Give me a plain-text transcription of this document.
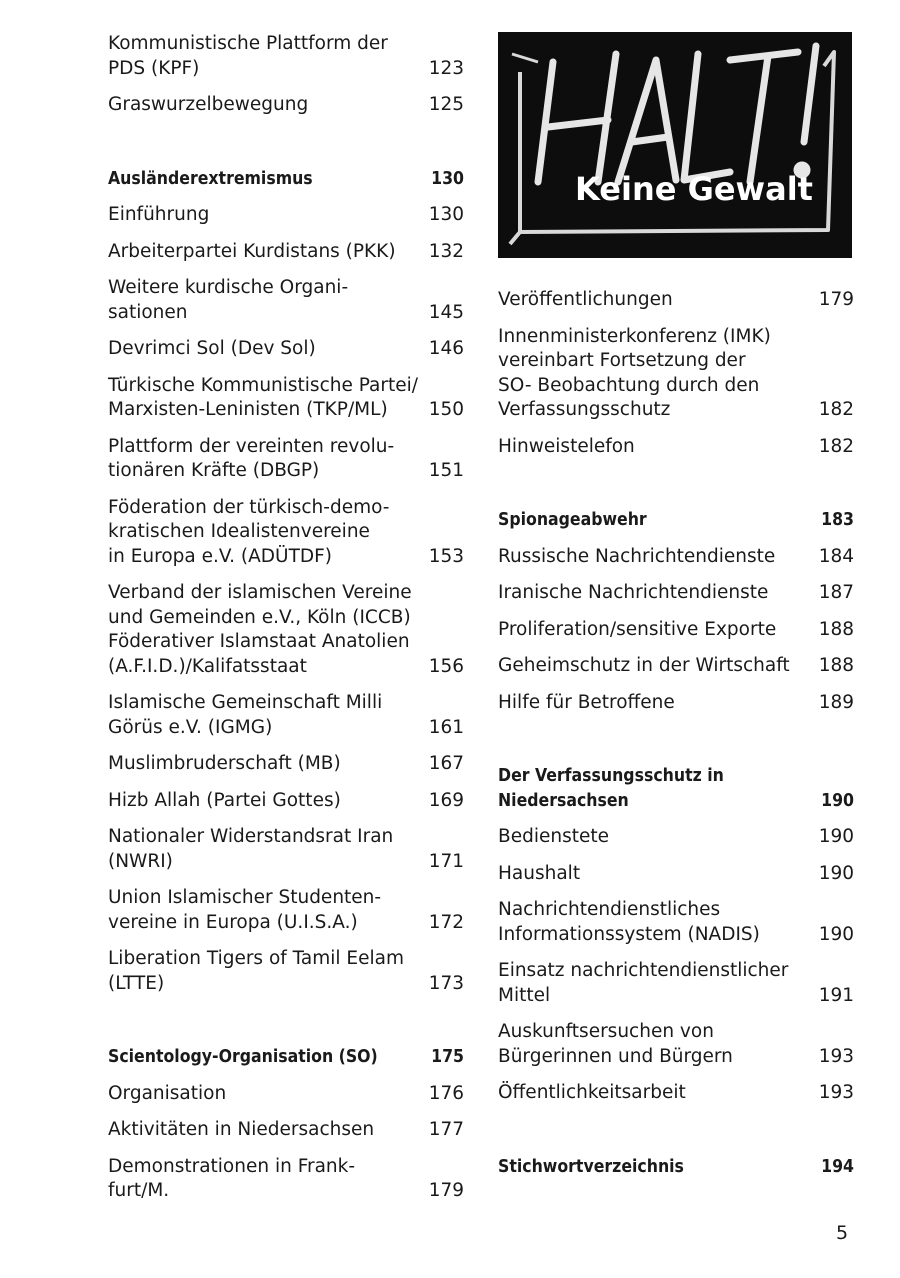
Kommunistische Plattform der
PDS (KPF)	123
Graswurzelbewegung	125
Ausländerextremismus	130
Einführung	130
Arbeiterpartei Kurdistans (PKK)	132
Weitere kurdische Organi-
sationen	145
Devrimci Sol (Dev Sol)	146
Türkische Kommunistische Partei/
Marxisten-Leninisten (TKP/ML)	150
Plattform der vereinten revolu-
tionären Kräfte (DBGP)	151
Föderation der türkisch-demo-
kratischen Idealistenvereine
in Europa e.V. (ADÜTDF)	153
Verband der islamischen Vereine
und Gemeinden e.V., Köln (ICCB)
Föderativer Islamstaat Anatolien
(A.F.I.D.)/Kalifatsstaat	156
Islamische Gemeinschaft Milli
Görüs e.V. (IGMG)	161
Muslimbruderschaft (MB)	167
Hizb Allah (Partei Gottes)	169
Nationaler Widerstandsrat Iran
(NWRI)	171
Union Islamischer Studenten-
vereine in Europa (U.I.S.A.)	172
Liberation Tigers of Tamil Eelam
(LTTE)	173
Scientology-Organisation (SO)	175
Organisation	176
Aktivitäten in Niedersachsen	177
Demonstrationen in Frank-
furt/M.	179
Keine Gewalt
Veröffentlichungen	179
Innenministerkonferenz (IMK)
vereinbart Fortsetzung der
SO- Beobachtung durch den
Verfassungsschutz	182
Hinweistelefon	182
Spionageabwehr	183
Russische Nachrichtendienste	184
Iranische Nachrichtendienste	187
Proliferation/sensitive Exporte	188
Geheimschutz in der Wirtschaft	188
Hilfe für Betroffene	189
Der Verfassungsschutz in
Niedersachsen	190
Bedienstete	190
Haushalt	190
Nachrichtendienstliches
Informationssystem (NADIS)	190
Einsatz nachrichtendienstlicher
Mittel	191
Auskunftsersuchen von
Bürgerinnen und Bürgern	193
Öffentlichkeitsarbeit	193
Stichwortverzeichnis	194
5
